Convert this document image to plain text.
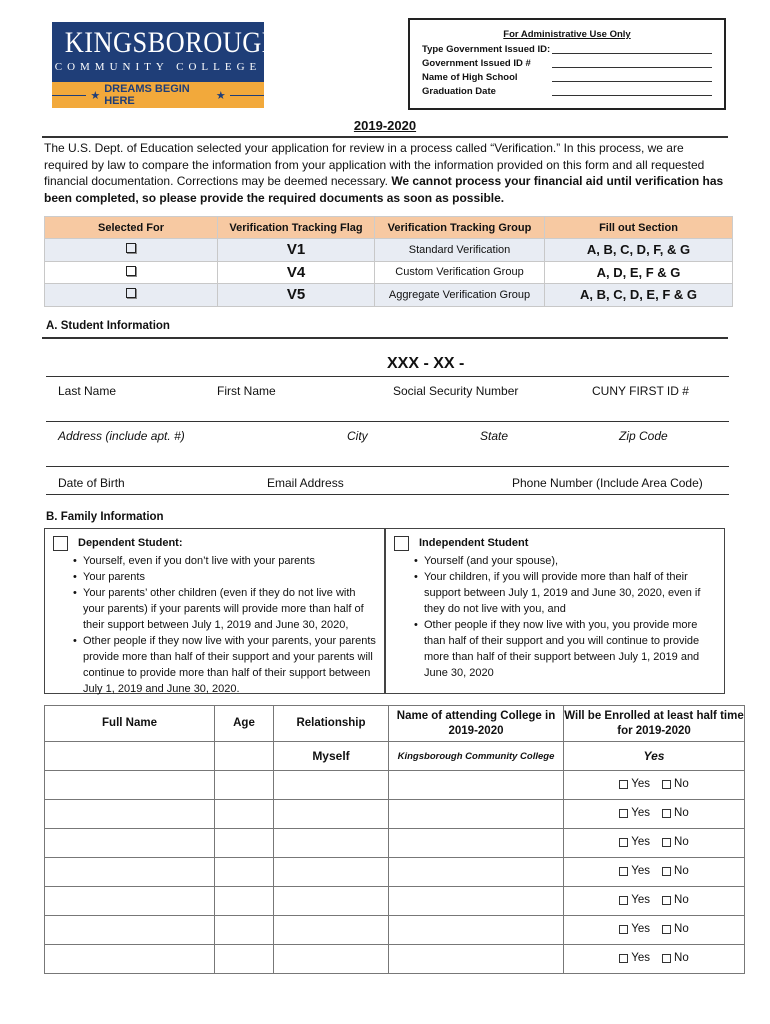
KINGSBOROUGH
COMMUNITY COLLEGE
★
DREAMS BEGIN HERE	★
For Administrative Use Only
Type Government Issued ID:
Government Issued ID #
Name of High School
Graduation Date
2019-2020
The U.S. Dept. of Education selected your application for review in a process called “Verification.” In this process, we are required by law to compare the information from your application with the information provided on this form and all requested financial documentation. Corrections may be deemed necessary. We cannot process your financial aid until verification has been completed, so please provide the required documents as soon as possible.
Selected For	Verification Tracking Flag	Verification Tracking Group	Fill out Section
	V1	Standard Verification	A, B, C, D, F, & G
	V4	Custom Verification Group	A, D, E, F & G
	V5	Aggregate Verification Group	A, B, C, D, E, F & G
A. Student Information
XXX - XX -
Last Name	First Name	Social Security Number	CUNY FIRST ID #
Address (include apt. #)	City	State	Zip Code
Date of Birth	Email Address	Phone Number (Include Area Code)
B. Family Information
Dependent Student:
• Yourself, even if you don’t live with your parents
• Your parents
• Your parents’ other children (even if they do not live with your parents) if your parents will provide more than half of their support between July 1, 2019 and June 30, 2020,
• Other people if they now live with your parents, your parents provide more than half of their support and your parents will continue to provide more than half of their support between July 1, 2019 and June 30, 2020.
Independent Student
• Yourself (and your spouse),
• Your children, if you will provide more than half of their support between July 1, 2019 and June 30, 2020, even if they do not live with you, and
• Other people if they now live with you, you provide more than half of their support and you will continue to provide more than half of their support between July 1, 2019 and June 30, 2020
Full Name	Age	Relationship	Name of attending College in 2019-2020	Will be Enrolled at least half time for 2019-2020
		Myself	Kingsborough Community College	Yes

				Yes No

				Yes No

				Yes No

				Yes No

				Yes No

				Yes No

				Yes No
